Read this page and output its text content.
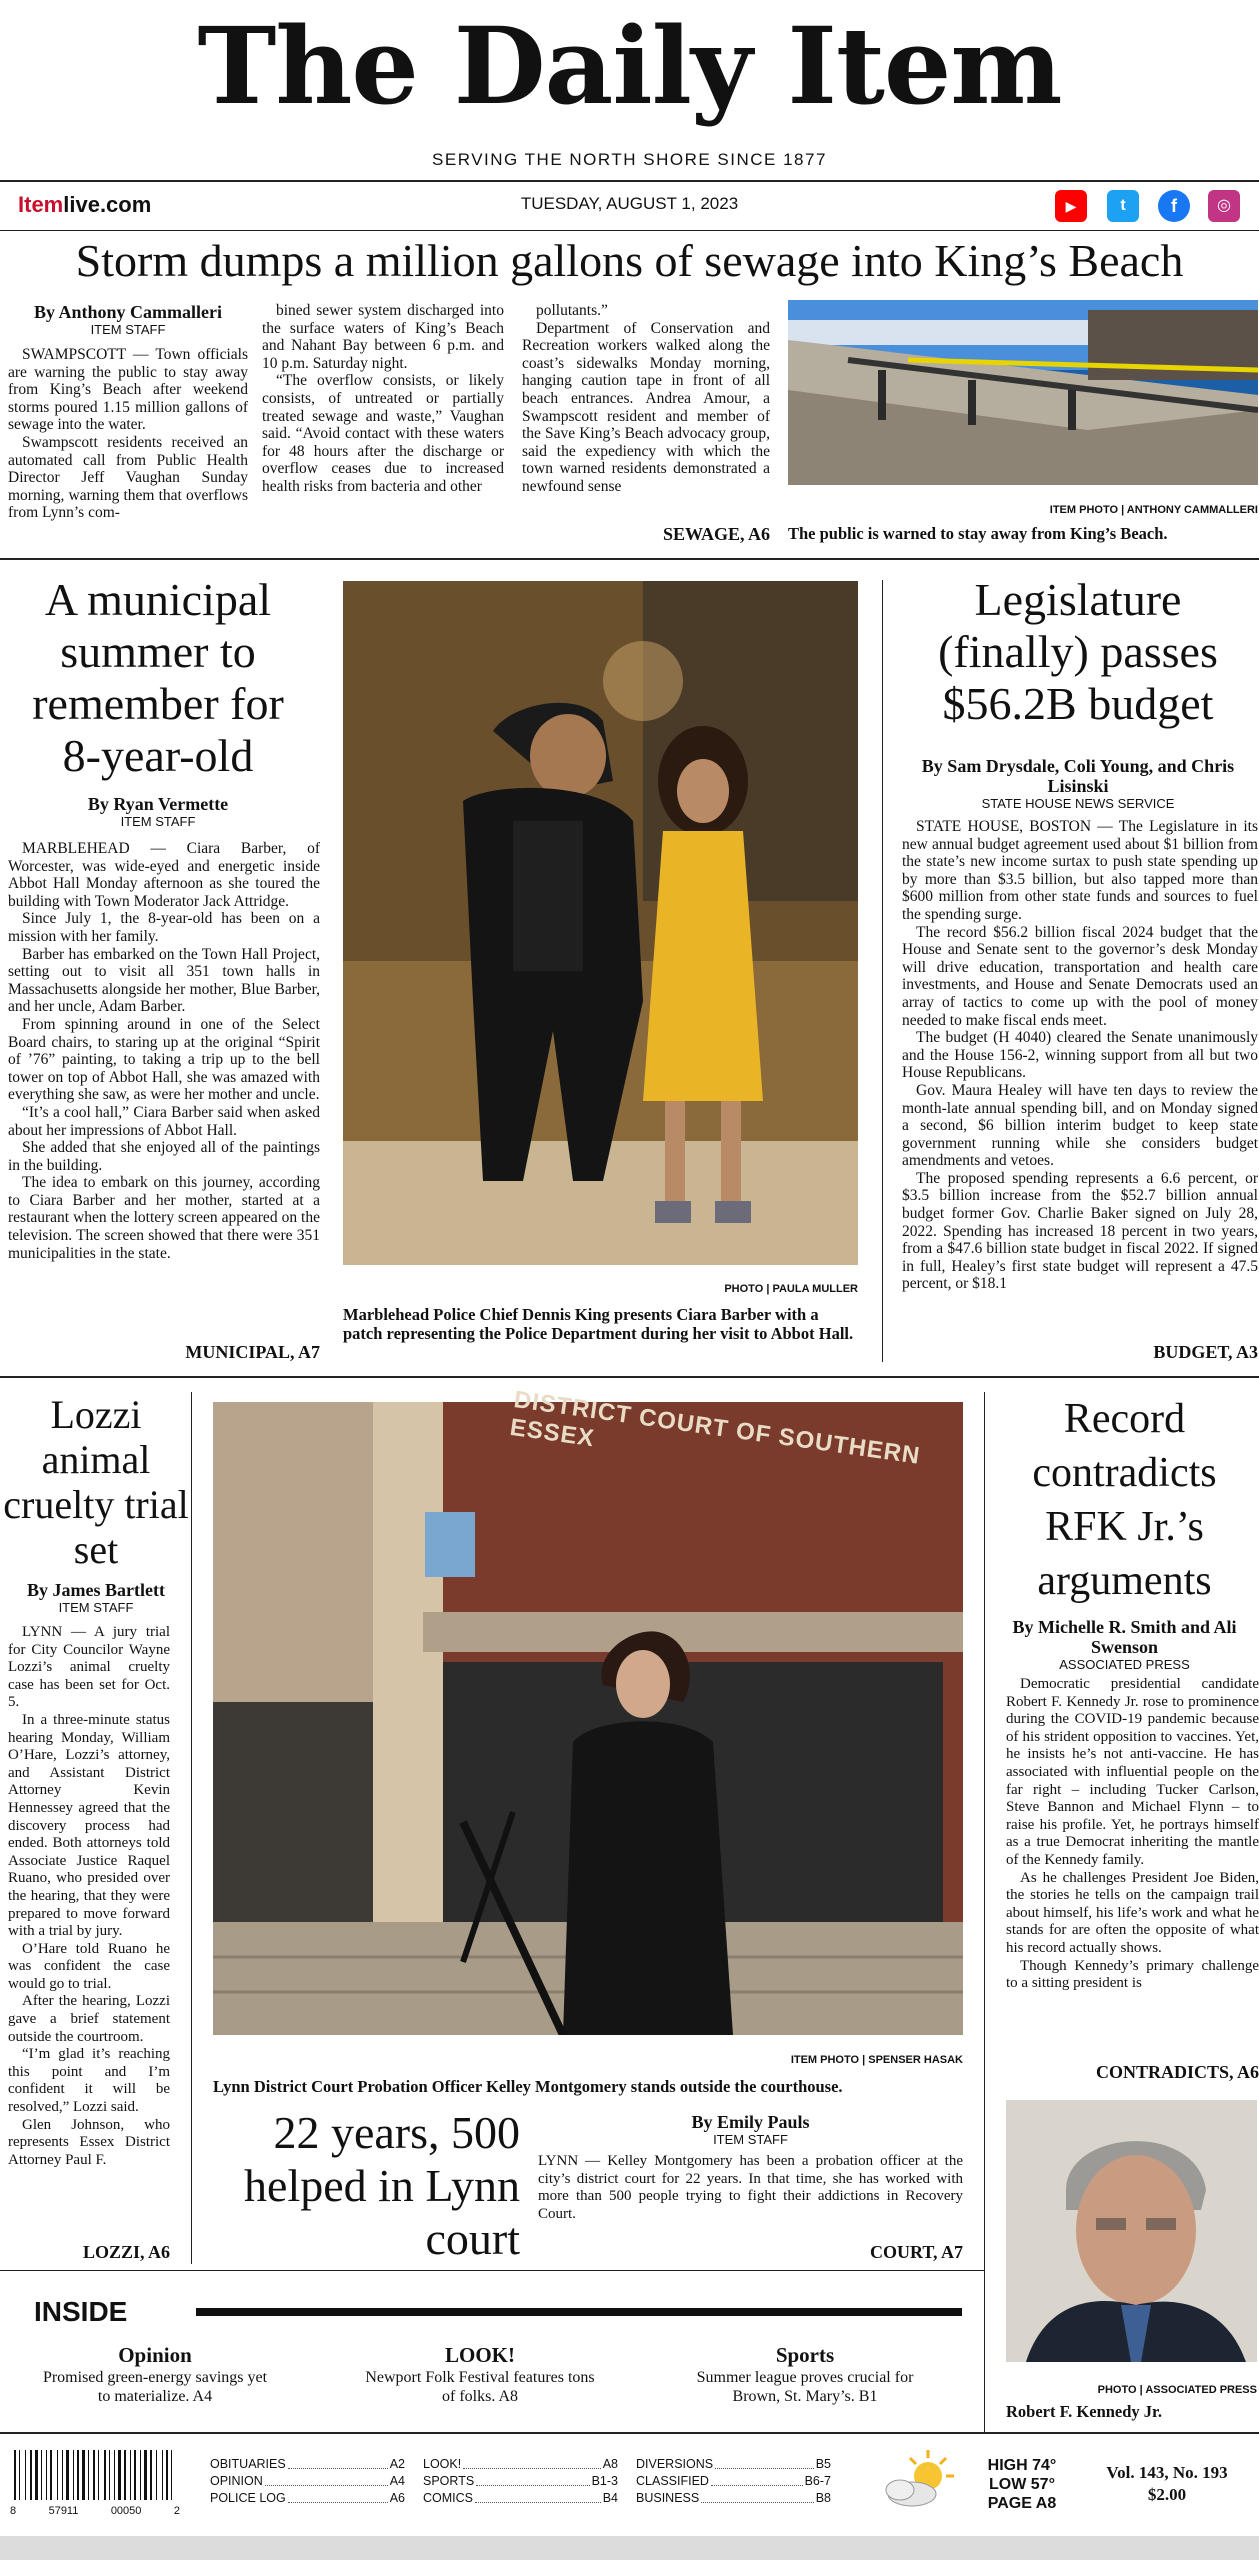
The Daily Item
SERVING THE NORTH SHORE SINCE 1877
Itemlive.com	TUESDAY, AUGUST 1, 2023	▶	t	f	◎
Storm dumps a million gallons of sewage into King’s Beach
By Anthony Cammalleri
ITEM STAFF

SWAMPSCOTT — Town officials are warning the public to stay away from King’s Beach after weekend storms poured 1.15 million gallons of sewage into the water.

Swampscott residents received an automated call from Public Health Director Jeff Vaughan Sunday morning, warning them that overflows from Lynn’s com-

bined sewer system discharged into the surface waters of King’s Beach and Nahant Bay between 6 p.m. and 10 p.m. Saturday night.

“The overflow consists, or likely consists, of untreated or partially treated sewage and waste,” Vaughan said. “Avoid contact with these waters for 48 hours after the discharge or overflow ceases due to increased health risks from bacteria and other

pollutants.”

Department of Conservation and Recreation workers walked along the coast’s sidewalks Monday morning, hanging caution tape in front of all beach entrances. Andrea Amour, a Swampscott resident and member of the Save King’s Beach advocacy group, said the expediency with which the town warned residents demonstrated a newfound sense

SEWAGE, A6
ITEM PHOTO | ANTHONY CAMMALLERI
The public is warned to stay away from King’s Beach.
A municipal summer to remember for 8-year-old
By Ryan Vermette
ITEM STAFF

MARBLEHEAD — Ciara Barber, of Worcester, was wide-eyed and energetic inside Abbot Hall Monday afternoon as she toured the building with Town Moderator Jack Attridge.

Since July 1, the 8-year-old has been on a mission with her family.

Barber has embarked on the Town Hall Project, setting out to visit all 351 town halls in Massachusetts alongside her mother, Blue Barber, and her uncle, Adam Barber.

From spinning around in one of the Select Board chairs, to staring up at the original “Spirit of ’76” painting, to taking a trip up to the bell tower on top of Abbot Hall, she was amazed with everything she saw, as were her mother and uncle.

“It’s a cool hall,” Ciara Barber said when asked about her impressions of Abbot Hall.

She added that she enjoyed all of the paintings in the building.

The idea to embark on this journey, according to Ciara Barber and her mother, started at a restaurant when the lottery screen appeared on the television. The screen showed that there were 351 municipalities in the state.

MUNICIPAL, A7
PHOTO | PAULA MULLER
Marblehead Police Chief Dennis King presents Ciara Barber with a patch representing the Police Department during her visit to Abbot Hall.
Legislature (finally) passes $56.2B budget
By Sam Drysdale, Coli Young, and Chris Lisinski
STATE HOUSE NEWS SERVICE

STATE HOUSE, BOSTON — The Legislature in its new annual budget agreement used about $1 billion from the state’s new income surtax to push state spending up by more than $3.5 billion, but also tapped more than $600 million from other state funds and sources to fuel the spending surge.

The record $56.2 billion fiscal 2024 budget that the House and Senate sent to the governor’s desk Monday will drive education, transportation and health care investments, and House and Senate Democrats used an array of tactics to come up with the pool of money needed to make fiscal ends meet.

The budget (H 4040) cleared the Senate unanimously and the House 156-2, winning support from all but two House Republicans.

Gov. Maura Healey will have ten days to review the month-late annual spending bill, and on Monday signed a second, $6 billion interim budget to keep state government running while she considers budget amendments and vetoes.

The proposed spending represents a 6.6 percent, or $3.5 billion increase from the $52.7 billion annual budget former Gov. Charlie Baker signed on July 28, 2022. Spending has increased 18 percent in two years, from a $47.6 billion state budget in fiscal 2022. If signed in full, Healey’s first state budget will represent a 47.5 percent, or $18.1

BUDGET, A3
Lozzi animal cruelty trial set
By James Bartlett
ITEM STAFF

LYNN — A jury trial for City Councilor Wayne Lozzi’s animal cruelty case has been set for Oct. 5.

In a three-minute status hearing Monday, William O’Hare, Lozzi’s attorney, and Assistant District Attorney Kevin Hennessey agreed that the discovery process had ended. Both attorneys told Associate Justice Raquel Ruano, who presided over the hearing, that they were prepared to move forward with a trial by jury.

O’Hare told Ruano he was confident the case would go to trial.

After the hearing, Lozzi gave a brief statement outside the courtroom.

“I’m glad it’s reaching this point and I’m confident it will be resolved,” Lozzi said.

Glen Johnson, who represents Essex District Attorney Paul F.

LOZZI, A6
DISTRICT COURT OF SOUTHERN ESSEX
ITEM PHOTO | SPENSER HASAK
Lynn District Court Probation Officer Kelley Montgomery stands outside the courthouse.
22 years, 500 helped in Lynn court
By Emily Pauls
ITEM STAFF
LYNN — Kelley Montgomery has been a probation officer at the city’s district court for 22 years. In that time, she has worked with more than 500 people trying to fight their addictions in Recovery Court.
COURT, A7
Record contradicts RFK Jr.’s arguments
By Michelle R. Smith and Ali Swenson
ASSOCIATED PRESS

Democratic presidential candidate Robert F. Kennedy Jr. rose to prominence during the COVID-19 pandemic because of his strident opposition to vaccines. Yet, he insists he’s not anti-vaccine. He has associated with influential people on the far right – including Tucker Carlson, Steve Bannon and Michael Flynn – to raise his profile. Yet, he portrays himself as a true Democrat inheriting the mantle of the Kennedy family.

As he challenges President Joe Biden, the stories he tells on the campaign trail about himself, his life’s work and what he stands for are often the opposite of what his record actually shows.

Though Kennedy’s primary challenge to a sitting president is

CONTRADICTS, A6
PHOTO | ASSOCIATED PRESS
Robert F. Kennedy Jr.
INSIDE
Opinion
Promised green-energy savings yet to materialize. A4
LOOK!
Newport Folk Festival features tons of folks. A8
Sports
Summer league proves crucial for Brown, St. Mary’s. B1
8	57911	00050	2
OBITUARIES	A2
OPINION	A4
POLICE LOG	A6
LOOK!	A8
SPORTS	B1-3
COMICS	B4
DIVERSIONS	B5
CLASSIFIED	B6-7
BUSINESS	B8
HIGH 74°
LOW 57°
PAGE A8
Vol. 143, No. 193
$2.00
